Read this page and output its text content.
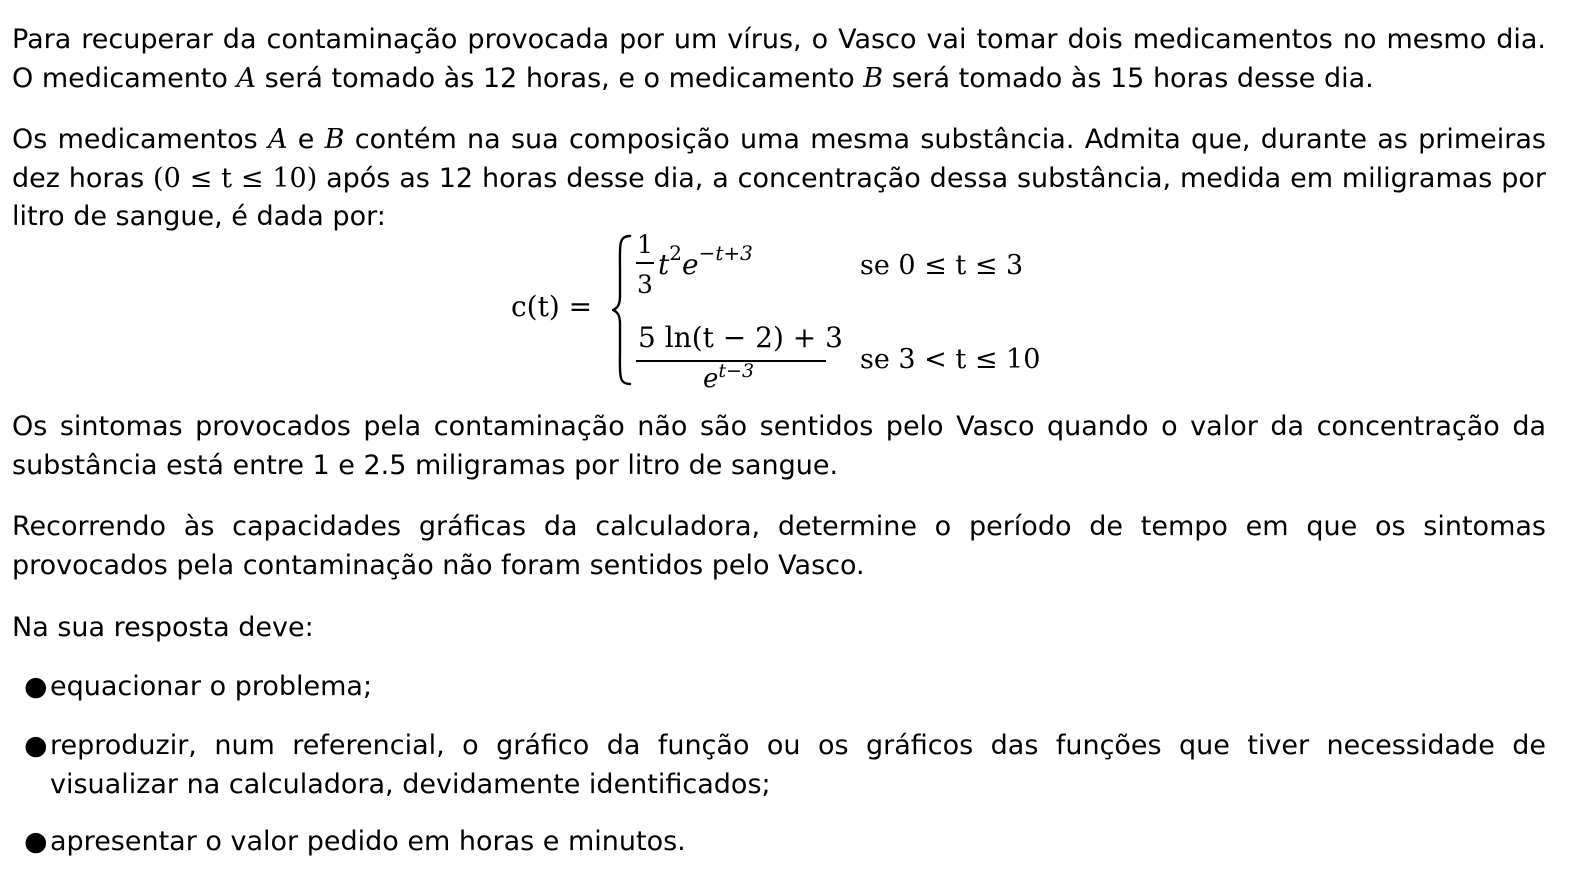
Para recuperar da contaminação provocada por um vírus, o Vasco vai tomar dois medicamentos no mesmo dia. O medicamento A será tomado às 12 horas, e o medicamento B será tomado às 15 horas desse dia.

Os medicamentos A e B contém na sua composição uma mesma substância. Admita que, durante as primeiras dez horas (0 ≤ t ≤ 10) após as 12 horas desse dia, a concentração dessa substância, medida em miligramas por litro de sangue, é dada por:

c(t) =
1
3
$t^2e^{-t+3}$	se 0 ≤ t ≤ 3
5 ln(t − 2) + 3
$e^{t-3}$	se 3 < t ≤ 10

Os sintomas provocados pela contaminação não são sentidos pelo Vasco quando o valor da concentração da substância está entre 1 e 2.5 miligramas por litro de sangue.

Recorrendo às capacidades gráficas da calculadora, determine o período de tempo em que os sintomas provocados pela contaminação não foram sentidos pelo Vasco.

Na sua resposta deve:

● equacionar o problema;
● reproduzir, num referencial, o gráfico da função ou os gráficos das funções que tiver necessidade de visualizar na calculadora, devidamente identificados;
● apresentar o valor pedido em horas e minutos.
